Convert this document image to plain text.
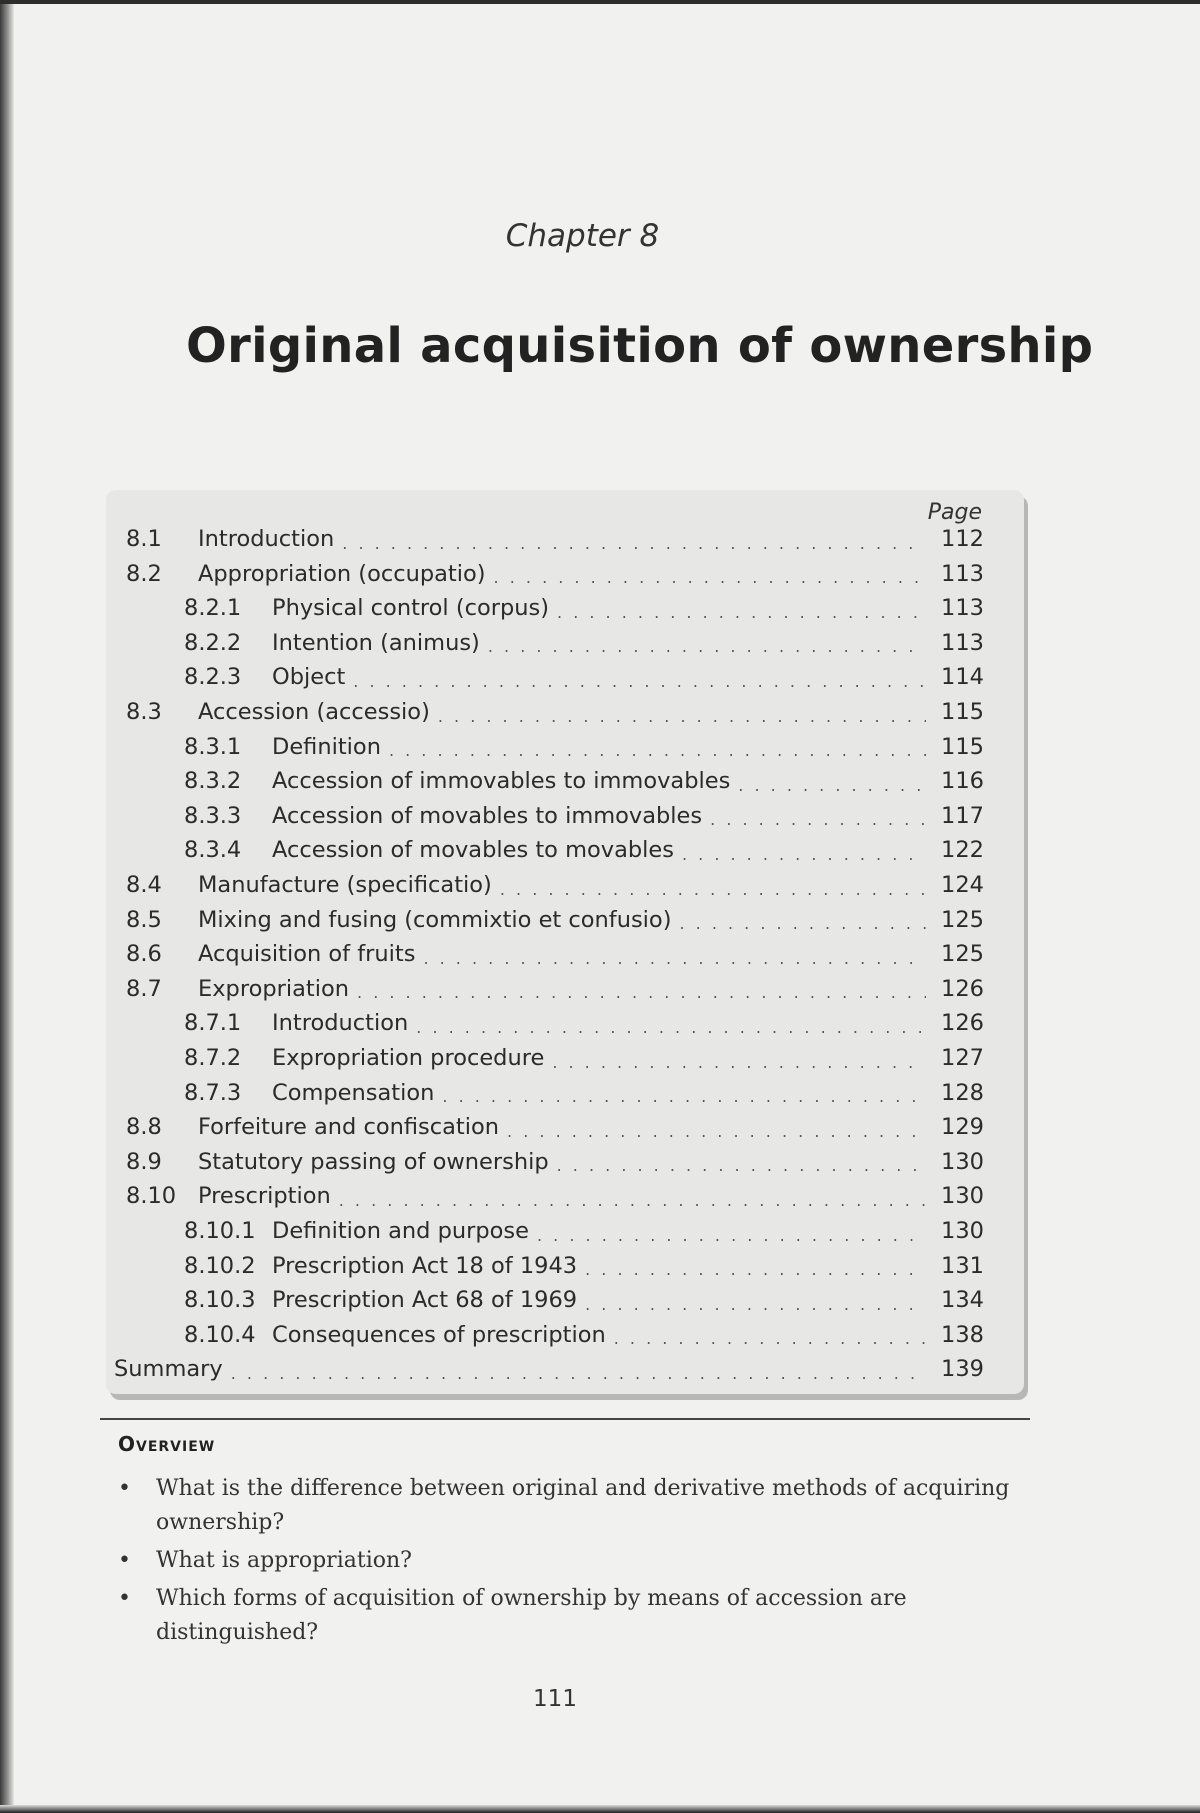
Chapter 8
Original acquisition of ownership
Page
8.1	Introduction . . .	112
8.2	Appropriation (occupatio) . . .	113
8.2.1	Physical control (corpus) . . .	113
8.2.2	Intention (animus) . . .	113
8.2.3	Object . . .	114
8.3	Accession (accessio) . . .	115
8.3.1	Definition . . .	115
8.3.2	Accession of immovables to immovables . . .	116
8.3.3	Accession of movables to immovables . . .	117
8.3.4	Accession of movables to movables . . .	122
8.4	Manufacture (specificatio) . . .	124
8.5	Mixing and fusing (commixtio et confusio) . . .	125
8.6	Acquisition of fruits . . .	125
8.7	Expropriation . . .	126
8.7.1	Introduction . . .	126
8.7.2	Expropriation procedure . . .	127
8.7.3	Compensation . . .	128
8.8	Forfeiture and confiscation . . .	129
8.9	Statutory passing of ownership . . .	130
8.10 Prescription . . .	130
8.10.1 Definition and purpose . . .	130
8.10.2 Prescription Act 18 of 1943 . . .	131
8.10.3 Prescription Act 68 of 1969 . . .	134
8.10.4 Consequences of prescription . . .	138
Summary . . .	139
Overview
• What is the difference between original and derivative methods of acquiring ownership?
• What is appropriation?
• Which forms of acquisition of ownership by means of accession are distinguished?
111
